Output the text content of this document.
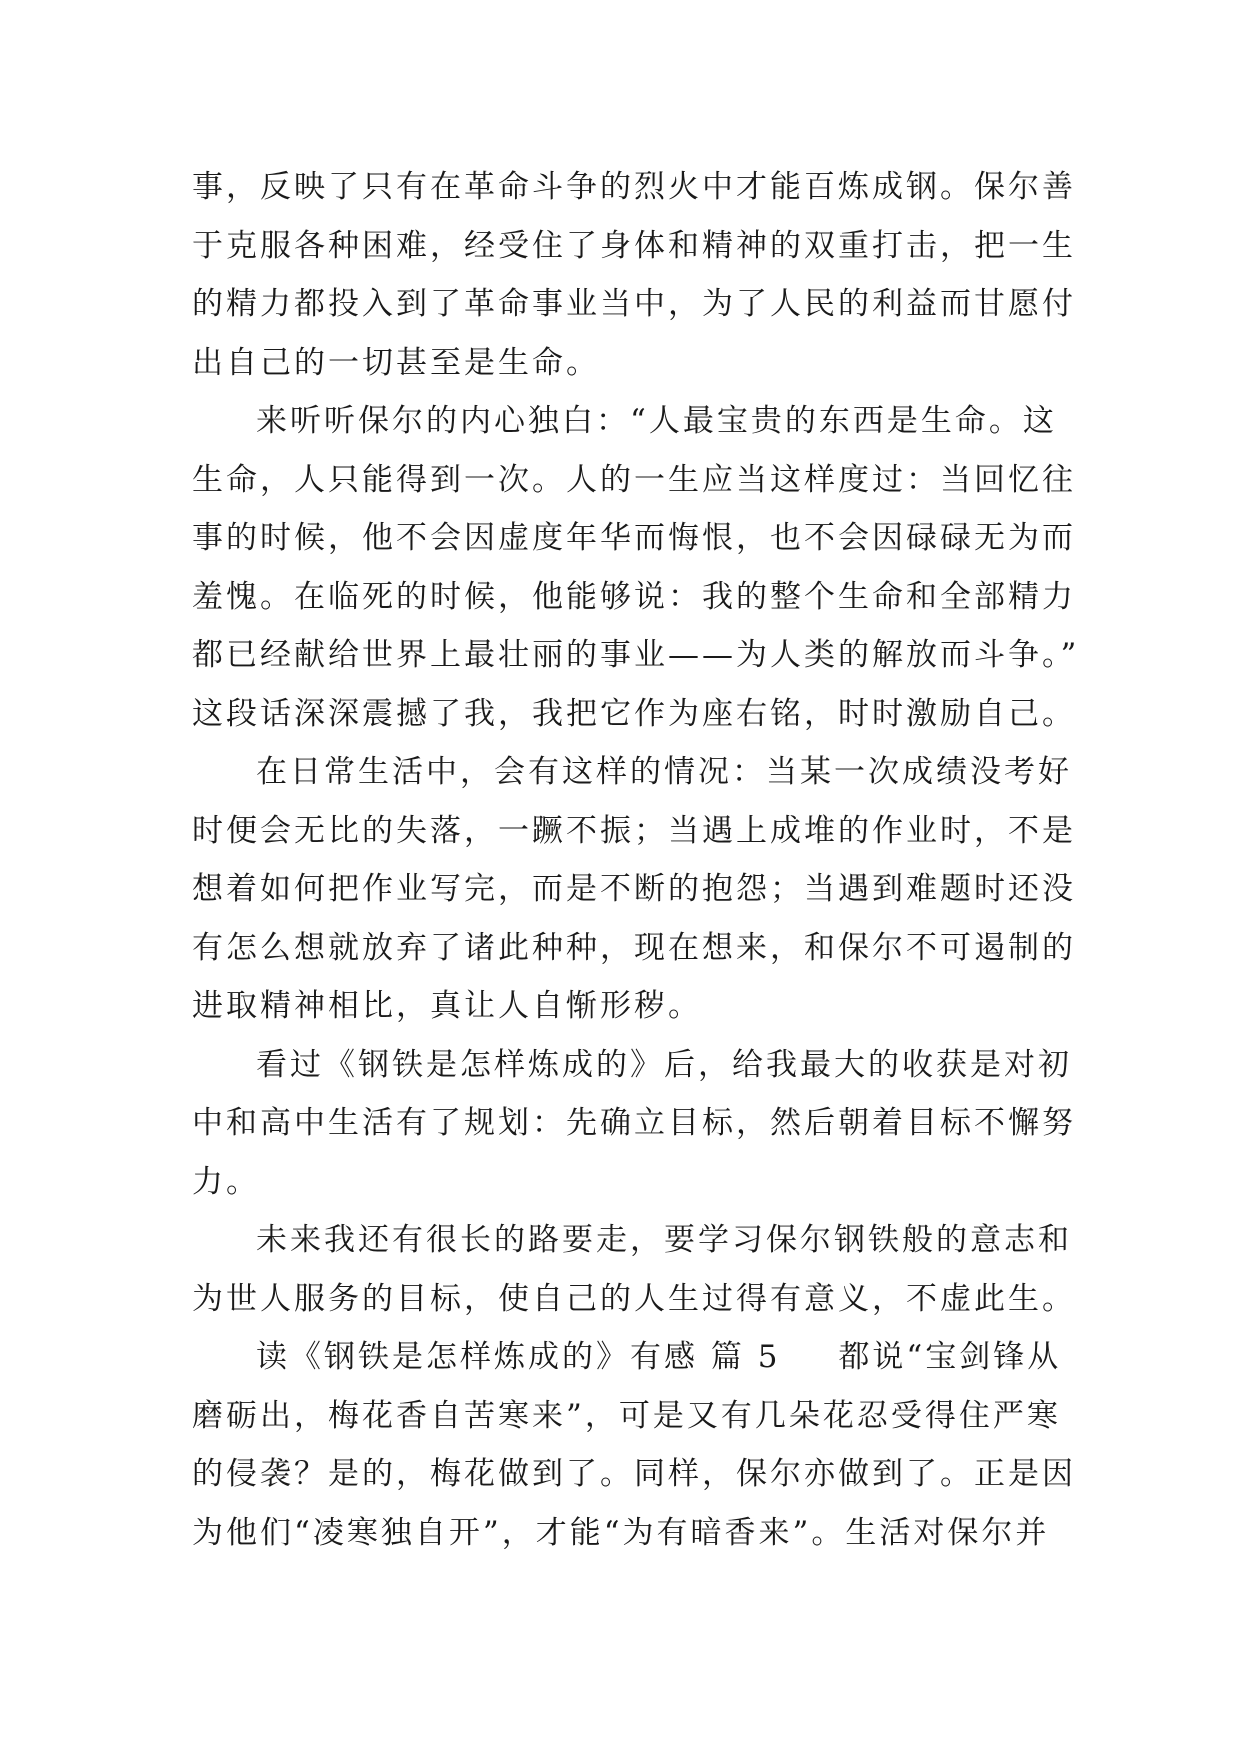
事，反映了只有在革命斗争的烈火中才能百炼成钢。保尔善
于克服各种困难，经受住了身体和精神的双重打击，把一生
的精力都投入到了革命事业当中，为了人民的利益而甘愿付
出自己的一切甚至是生命。
来听听保尔的内心独白：“人最宝贵的东西是生命。这
生命，人只能得到一次。人的一生应当这样度过：当回忆往
事的时候，他不会因虚度年华而悔恨，也不会因碌碌无为而
羞愧。在临死的时候，他能够说：我的整个生命和全部精力
都已经献给世界上最壮丽的事业——为人类的解放而斗争。”
这段话深深震撼了我，我把它作为座右铭，时时激励自己。
在日常生活中，会有这样的情况：当某一次成绩没考好
时便会无比的失落，一蹶不振；当遇上成堆的作业时，不是
想着如何把作业写完，而是不断的抱怨；当遇到难题时还没
有怎么想就放弃了诸此种种，现在想来，和保尔不可遏制的
进取精神相比，真让人自惭形秽。
看过《钢铁是怎样炼成的》后，给我最大的收获是对初
中和高中生活有了规划：先确立目标，然后朝着目标不懈努
力。
未来我还有很长的路要走，要学习保尔钢铁般的意志和
为世人服务的目标，使自己的人生过得有意义，不虚此生。
读《钢铁是怎样炼成的》有感 篇 5 都说“宝剑锋从
磨砺出，梅花香自苦寒来”，可是又有几朵花忍受得住严寒
的侵袭？是的，梅花做到了。同样，保尔亦做到了。正是因
为他们“凌寒独自开”，才能“为有暗香来”。生活对保尔并
